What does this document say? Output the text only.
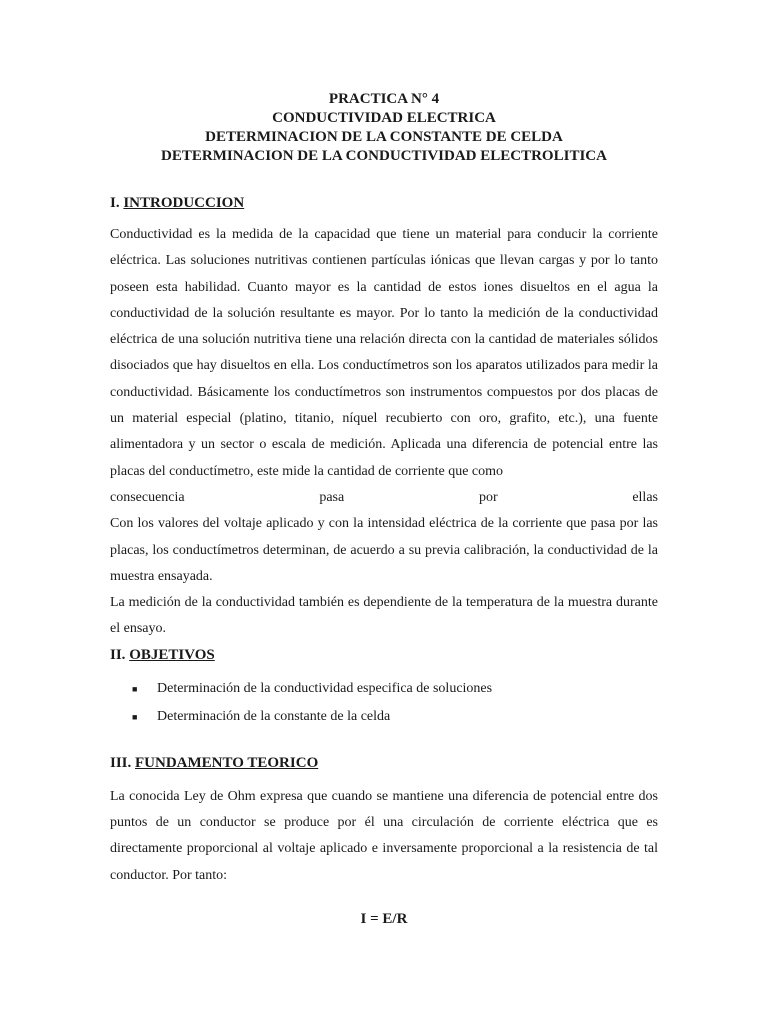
PRACTICA N° 4
CONDUCTIVIDAD ELECTRICA
DETERMINACION DE LA CONSTANTE DE CELDA
DETERMINACION DE LA CONDUCTIVIDAD ELECTROLITICA

I. INTRODUCCION

Conductividad es la medida de la capacidad que tiene un material para conducir la corriente eléctrica. Las soluciones nutritivas contienen partículas iónicas que llevan cargas y por lo tanto poseen esta habilidad. Cuanto mayor es la cantidad de estos iones disueltos en el agua la conductividad de la solución resultante es mayor. Por lo tanto la medición de la conductividad eléctrica de una solución nutritiva tiene una relación directa con la cantidad de materiales sólidos disociados que hay disueltos en ella. Los conductímetros son los aparatos utilizados para medir la conductividad. Básicamente los conductímetros son instrumentos compuestos por dos placas de un material especial (platino, titanio, níquel recubierto con oro, grafito, etc.), una fuente alimentadora y un sector o escala de medición. Aplicada una diferencia de potencial entre las placas del conductímetro, este mide la cantidad de corriente que como

consecuencia pasa por ellas

Con los valores del voltaje aplicado y con la intensidad eléctrica de la corriente que pasa por las placas, los conductímetros determinan, de acuerdo a su previa calibración, la conductividad de la muestra ensayada.

La medición de la conductividad también es dependiente de la temperatura de la muestra durante el ensayo.

II. OBJETIVOS

■ Determinación de la conductividad especifica de soluciones
■ Determinación de la constante de la celda

III. FUNDAMENTO TEORICO

La conocida Ley de Ohm expresa que cuando se mantiene una diferencia de potencial entre dos puntos de un conductor se produce por él una circulación de corriente eléctrica que es directamente proporcional al voltaje aplicado e inversamente proporcional a la resistencia de tal conductor. Por tanto:

I = E/R
